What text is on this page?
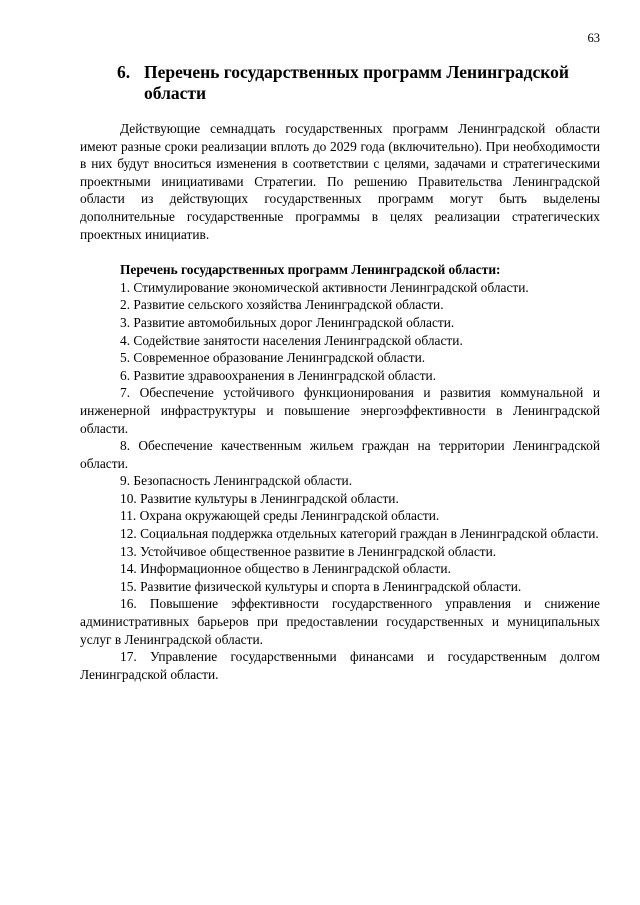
63
6. Перечень государственных программ Ленинградской
области

Действующие семнадцать государственных программ Ленинградской области имеют разные сроки реализации вплоть до 2029 года (включительно). При необходимости в них будут вноситься изменения в соответствии с целями, задачами и стратегическими проектными инициативами Стратегии. По решению Правительства Ленинградской области из действующих государственных программ могут быть выделены дополнительные государственные программы в целях реализации стратегических проектных инициатив.

Перечень государственных программ Ленинградской области:

1. Стимулирование экономической активности Ленинградской области.
2. Развитие сельского хозяйства Ленинградской области.
3. Развитие автомобильных дорог Ленинградской области.
4. Содействие занятости населения Ленинградской области.
5. Современное образование Ленинградской области.
6. Развитие здравоохранения в Ленинградской области.
7. Обеспечение устойчивого функционирования и развития коммунальной и инженерной инфраструктуры и повышение энергоэффективности в Ленинградской области.
8. Обеспечение качественным жильем граждан на территории Ленинградской области.
9. Безопасность Ленинградской области.
10. Развитие культуры в Ленинградской области.
11. Охрана окружающей среды Ленинградской области.
12. Социальная поддержка отдельных категорий граждан в Ленинградской области.
13. Устойчивое общественное развитие в Ленинградской области.
14. Информационное общество в Ленинградской области.
15. Развитие физической культуры и спорта в Ленинградской области.
16. Повышение эффективности государственного управления и снижение административных барьеров при предоставлении государственных и муниципальных услуг в Ленинградской области.
17. Управление государственными финансами и государственным долгом Ленинградской области.
